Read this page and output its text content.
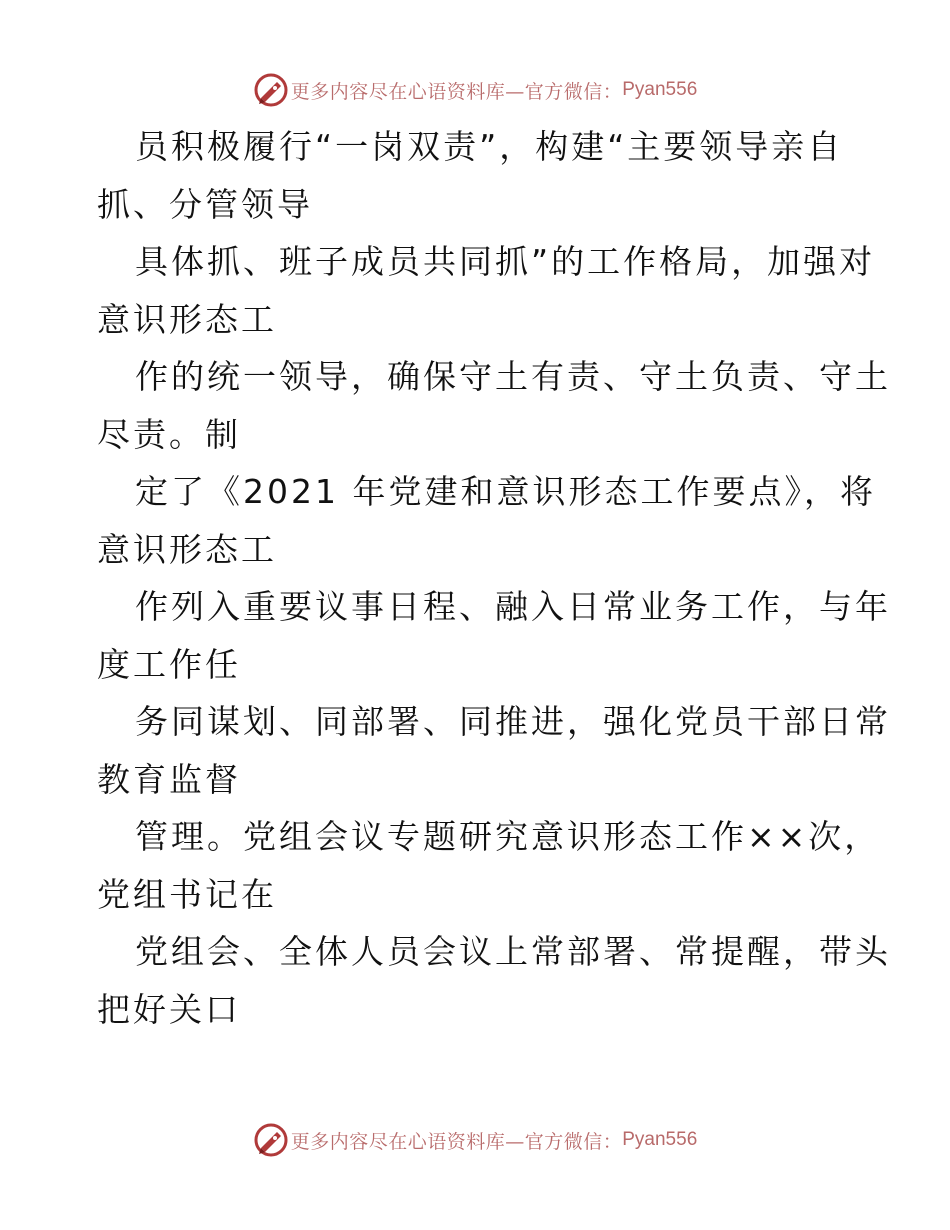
更多内容尽在心语资料库—官方微信： Pyan556
员积极履行“一岗双责”，构建“主要领导亲自
抓、分管领导
具体抓、班子成员共同抓”的工作格局，加强对
意识形态工
作的统一领导，确保守土有责、守土负责、守土
尽责。制
定了《2021 年党建和意识形态工作要点》，将
意识形态工
作列入重要议事日程、融入日常业务工作，与年
度工作任
务同谋划、同部署、同推进，强化党员干部日常
教育监督
管理。党组会议专题研究意识形态工作××次，
党组书记在
党组会、全体人员会议上常部署、常提醒，带头
把好关口
更多内容尽在心语资料库—官方微信： Pyan556
